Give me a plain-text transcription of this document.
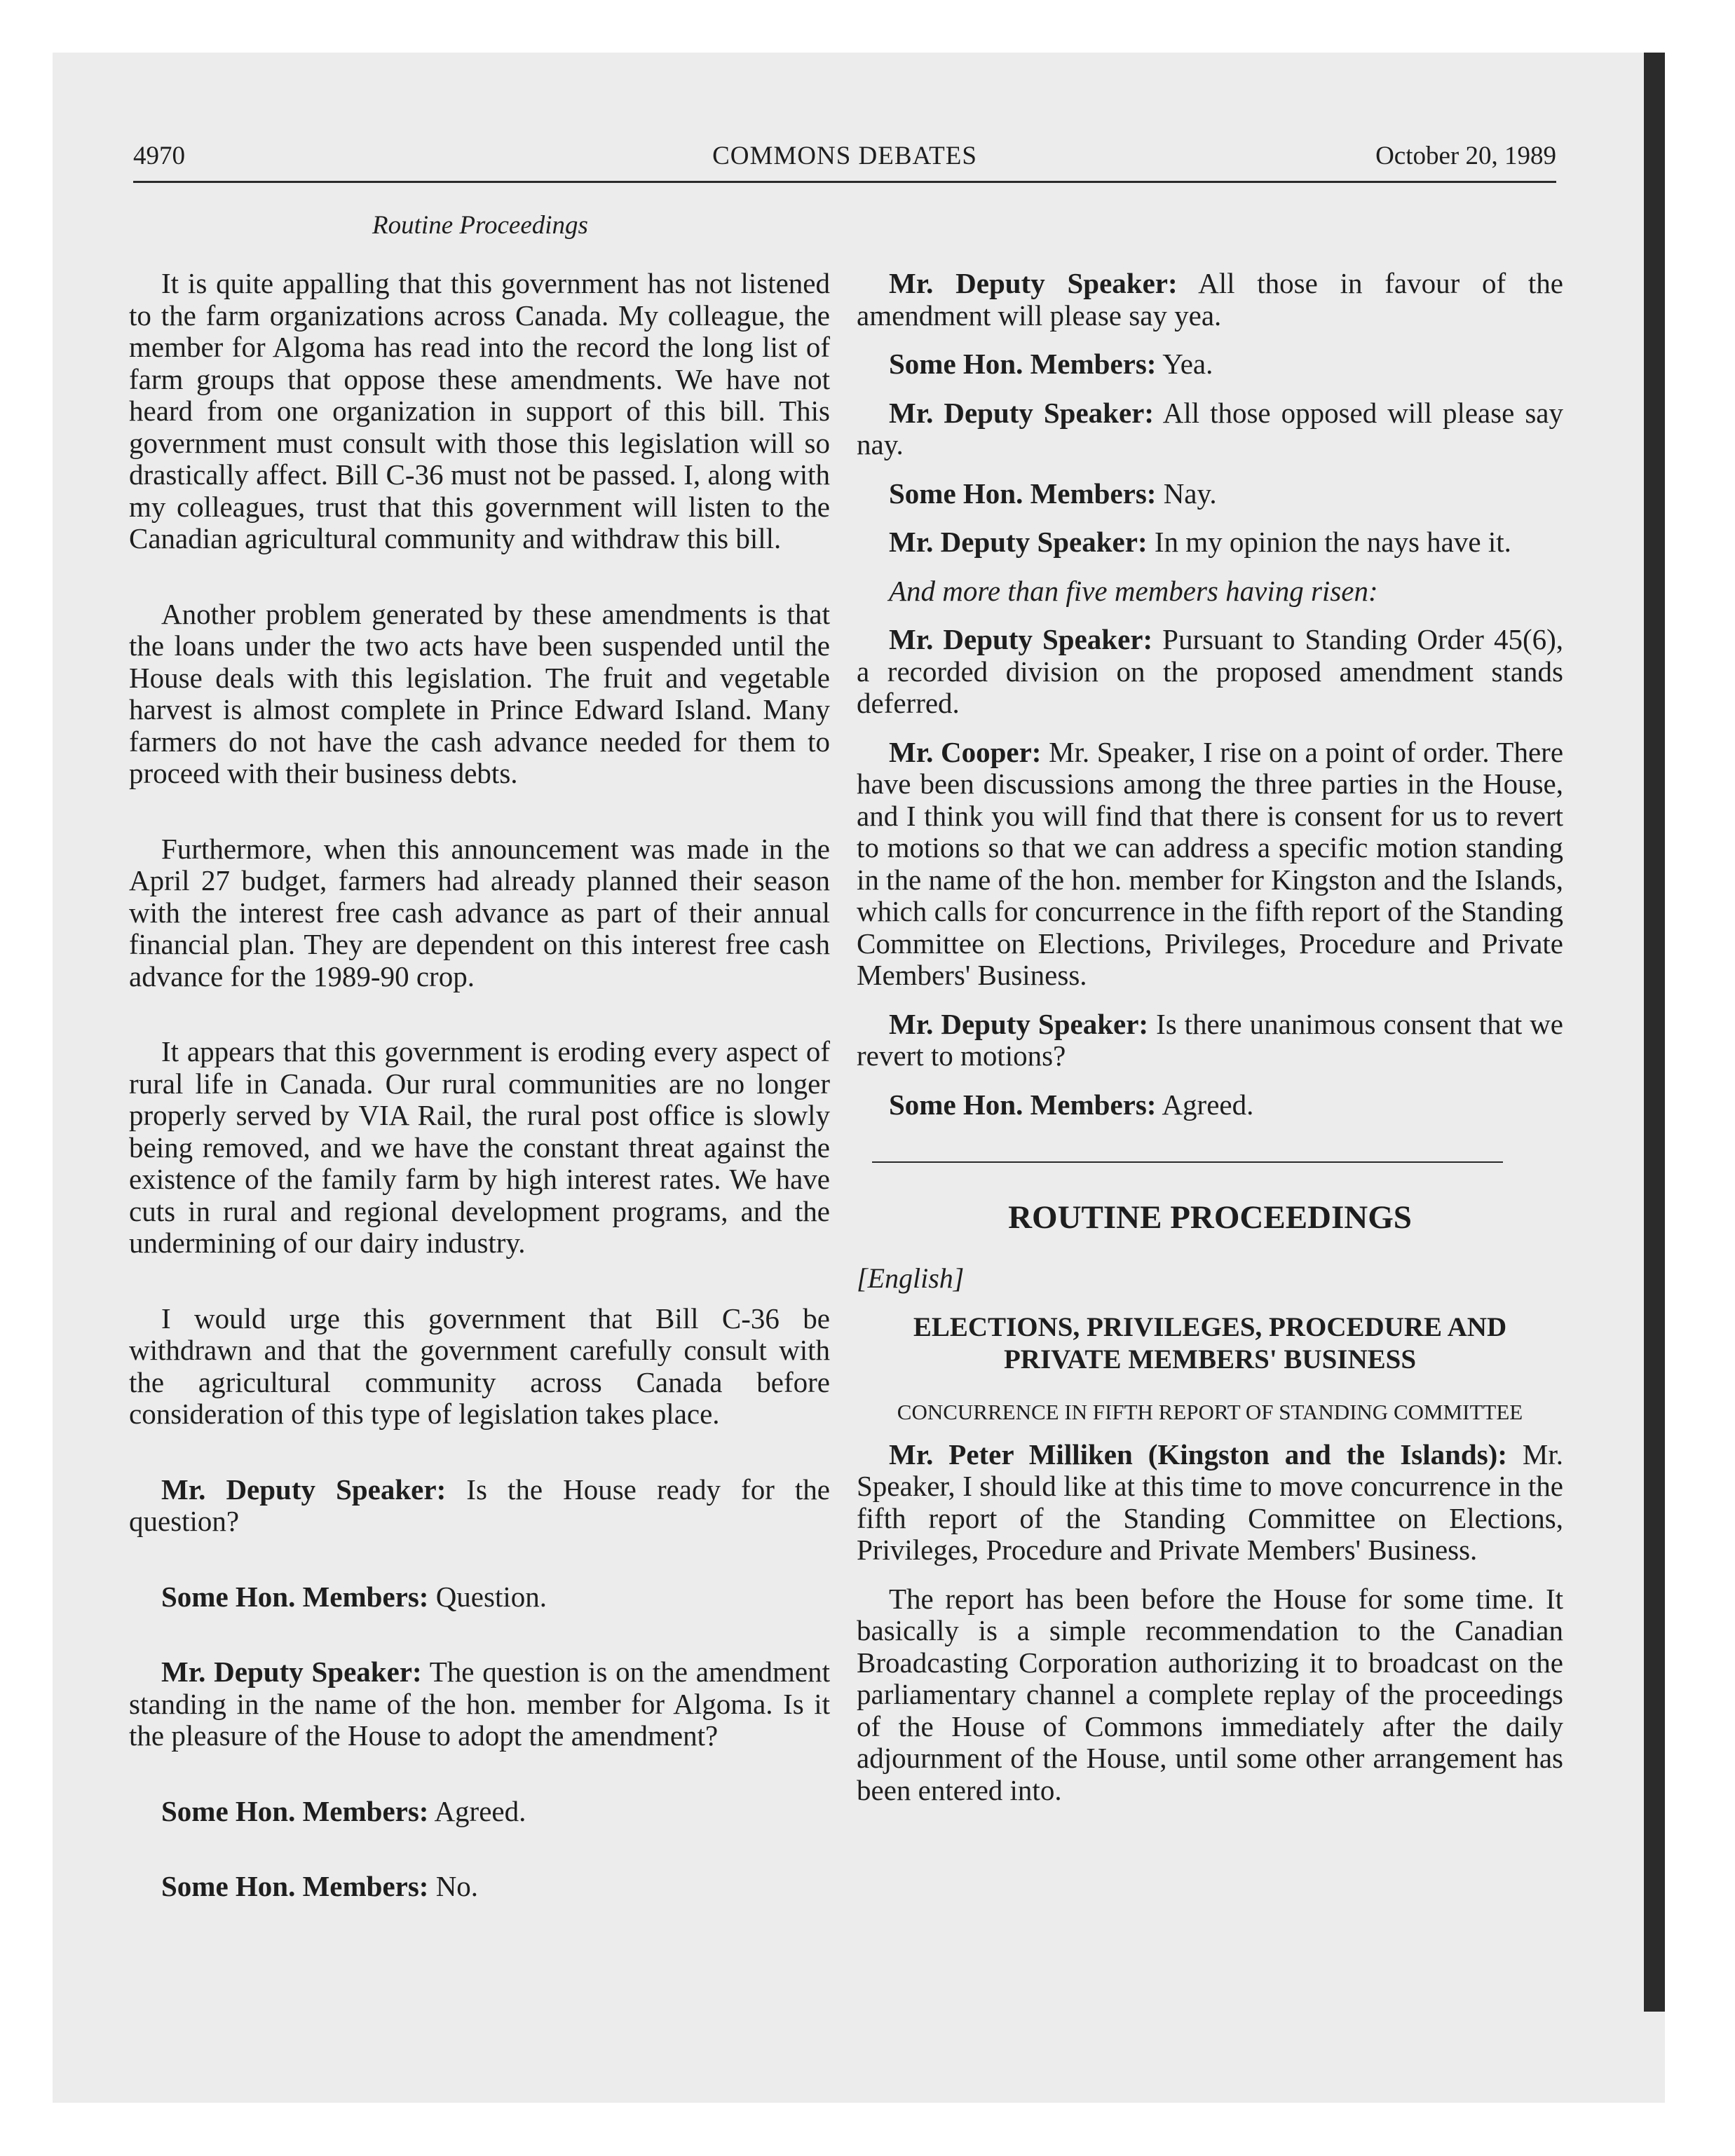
4970	COMMONS DEBATES	October 20, 1989
Routine Proceedings

It is quite appalling that this government has not listened to the farm organizations across Canada. My colleague, the member for Algoma has read into the record the long list of farm groups that oppose these amendments. We have not heard from one organization in support of this bill. This government must consult with those this legislation will so drastically affect. Bill C-36 must not be passed. I, along with my colleagues, trust that this government will listen to the Canadian agricultural community and withdraw this bill.

Another problem generated by these amendments is that the loans under the two acts have been suspended until the House deals with this legislation. The fruit and vegetable harvest is almost complete in Prince Edward Island. Many farmers do not have the cash advance needed for them to proceed with their business debts.

Furthermore, when this announcement was made in the April 27 budget, farmers had already planned their season with the interest free cash advance as part of their annual financial plan. They are dependent on this interest free cash advance for the 1989-90 crop.

It appears that this government is eroding every aspect of rural life in Canada. Our rural communities are no longer properly served by VIA Rail, the rural post office is slowly being removed, and we have the constant threat against the existence of the family farm by high interest rates. We have cuts in rural and regional development programs, and the undermining of our dairy industry.

I would urge this government that Bill C-36 be withdrawn and that the government carefully consult with the agricultural community across Canada before consideration of this type of legislation takes place.

Mr. Deputy Speaker: Is the House ready for the question?

Some Hon. Members: Question.

Mr. Deputy Speaker: The question is on the amendment standing in the name of the hon. member for Algoma. Is it the pleasure of the House to adopt the amendment?

Some Hon. Members: Agreed.

Some Hon. Members: No.

Mr. Deputy Speaker: All those in favour of the amendment will please say yea.

Some Hon. Members: Yea.

Mr. Deputy Speaker: All those opposed will please say nay.

Some Hon. Members: Nay.

Mr. Deputy Speaker: In my opinion the nays have it.

And more than five members having risen:

Mr. Deputy Speaker: Pursuant to Standing Order 45(6), a recorded division on the proposed amendment stands deferred.

Mr. Cooper: Mr. Speaker, I rise on a point of order. There have been discussions among the three parties in the House, and I think you will find that there is consent for us to revert to motions so that we can address a specific motion standing in the name of the hon. member for Kingston and the Islands, which calls for concurrence in the fifth report of the Standing Committee on Elections, Privileges, Procedure and Private Members' Business.

Mr. Deputy Speaker: Is there unanimous consent that we revert to motions?

Some Hon. Members: Agreed.

ROUTINE PROCEEDINGS

[English]

ELECTIONS, PRIVILEGES, PROCEDURE AND PRIVATE MEMBERS' BUSINESS
CONCURRENCE IN FIFTH REPORT OF STANDING COMMITTEE

Mr. Peter Milliken (Kingston and the Islands): Mr. Speaker, I should like at this time to move concurrence in the fifth report of the Standing Committee on Elections, Privileges, Procedure and Private Members' Business.

The report has been before the House for some time. It basically is a simple recommendation to the Canadian Broadcasting Corporation authorizing it to broadcast on the parliamentary channel a complete replay of the proceedings of the House of Commons immediately after the daily adjournment of the House, until some other arrangement has been entered into.
